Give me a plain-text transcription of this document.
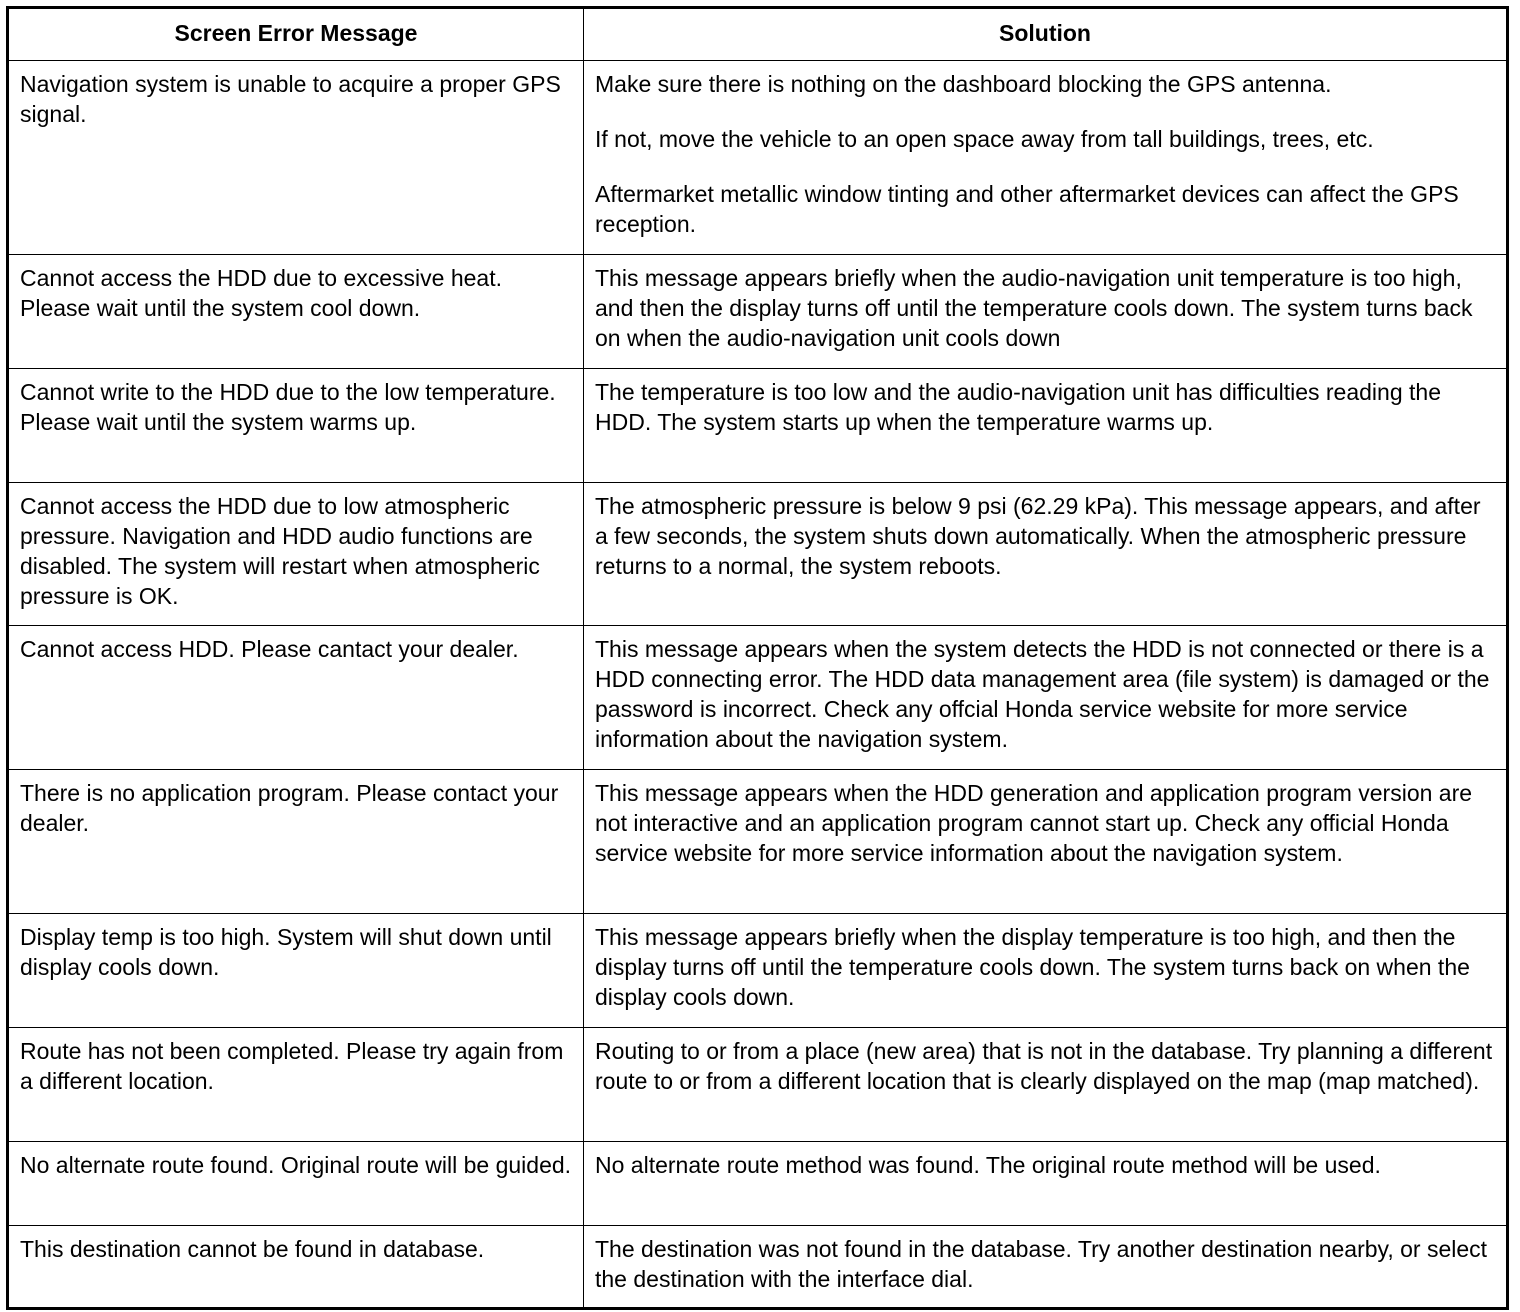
Screen Error Message	Solution
Navigation system is unable to acquire a proper GPS signal.	Make sure there is nothing on the dashboard blocking the GPS antenna.

If not, move the vehicle to an open space away from tall buildings, trees, etc.

Aftermarket metallic window tinting and other aftermarket devices can affect the GPS reception.

Cannot access the HDD due to excessive heat. Please wait until the system cool down.	This message appears briefly when the audio-navigation unit temperature is too high, and then the display turns off until the temperature cools down. The system turns back on when the audio-navigation unit cools down

Cannot write to the HDD due to the low temperature. Please wait until the system warms up.	The temperature is too low and the audio-navigation unit has difficulties reading the HDD. The system starts up when the temperature warms up.

Cannot access the HDD due to low atmospheric pressure. Navigation and HDD audio functions are disabled. The system will restart when atmospheric pressure is OK.	The atmospheric pressure is below 9 psi (62.29 kPa). This message appears, and after a few seconds, the system shuts down automatically. When the atmospheric pressure returns to a normal, the system reboots.

Cannot access HDD. Please cantact your dealer.	This message appears when the system detects the HDD is not connected or there is a HDD connecting error. The HDD data management area (file system) is damaged or the password is incorrect. Check any offcial Honda service website for more service information about the navigation system.

There is no application program. Please contact your dealer.	This message appears when the HDD generation and application program version are not interactive and an application program cannot start up. Check any official Honda service website for more service information about the navigation system.

Display temp is too high. System will shut down until display cools down.	This message appears briefly when the display temperature is too high, and then the display turns off until the temperature cools down. The system turns back on when the display cools down.

Route has not been completed. Please try again from a different location.	Routing to or from a place (new area) that is not in the database. Try planning a different route to or from a different location that is clearly displayed on the map (map matched).

No alternate route found. Original route will be guided.	No alternate route method was found. The original route method will be used.

This destination cannot be found in database.	The destination was not found in the database. Try another destination nearby, or select the destination with the interface dial.
